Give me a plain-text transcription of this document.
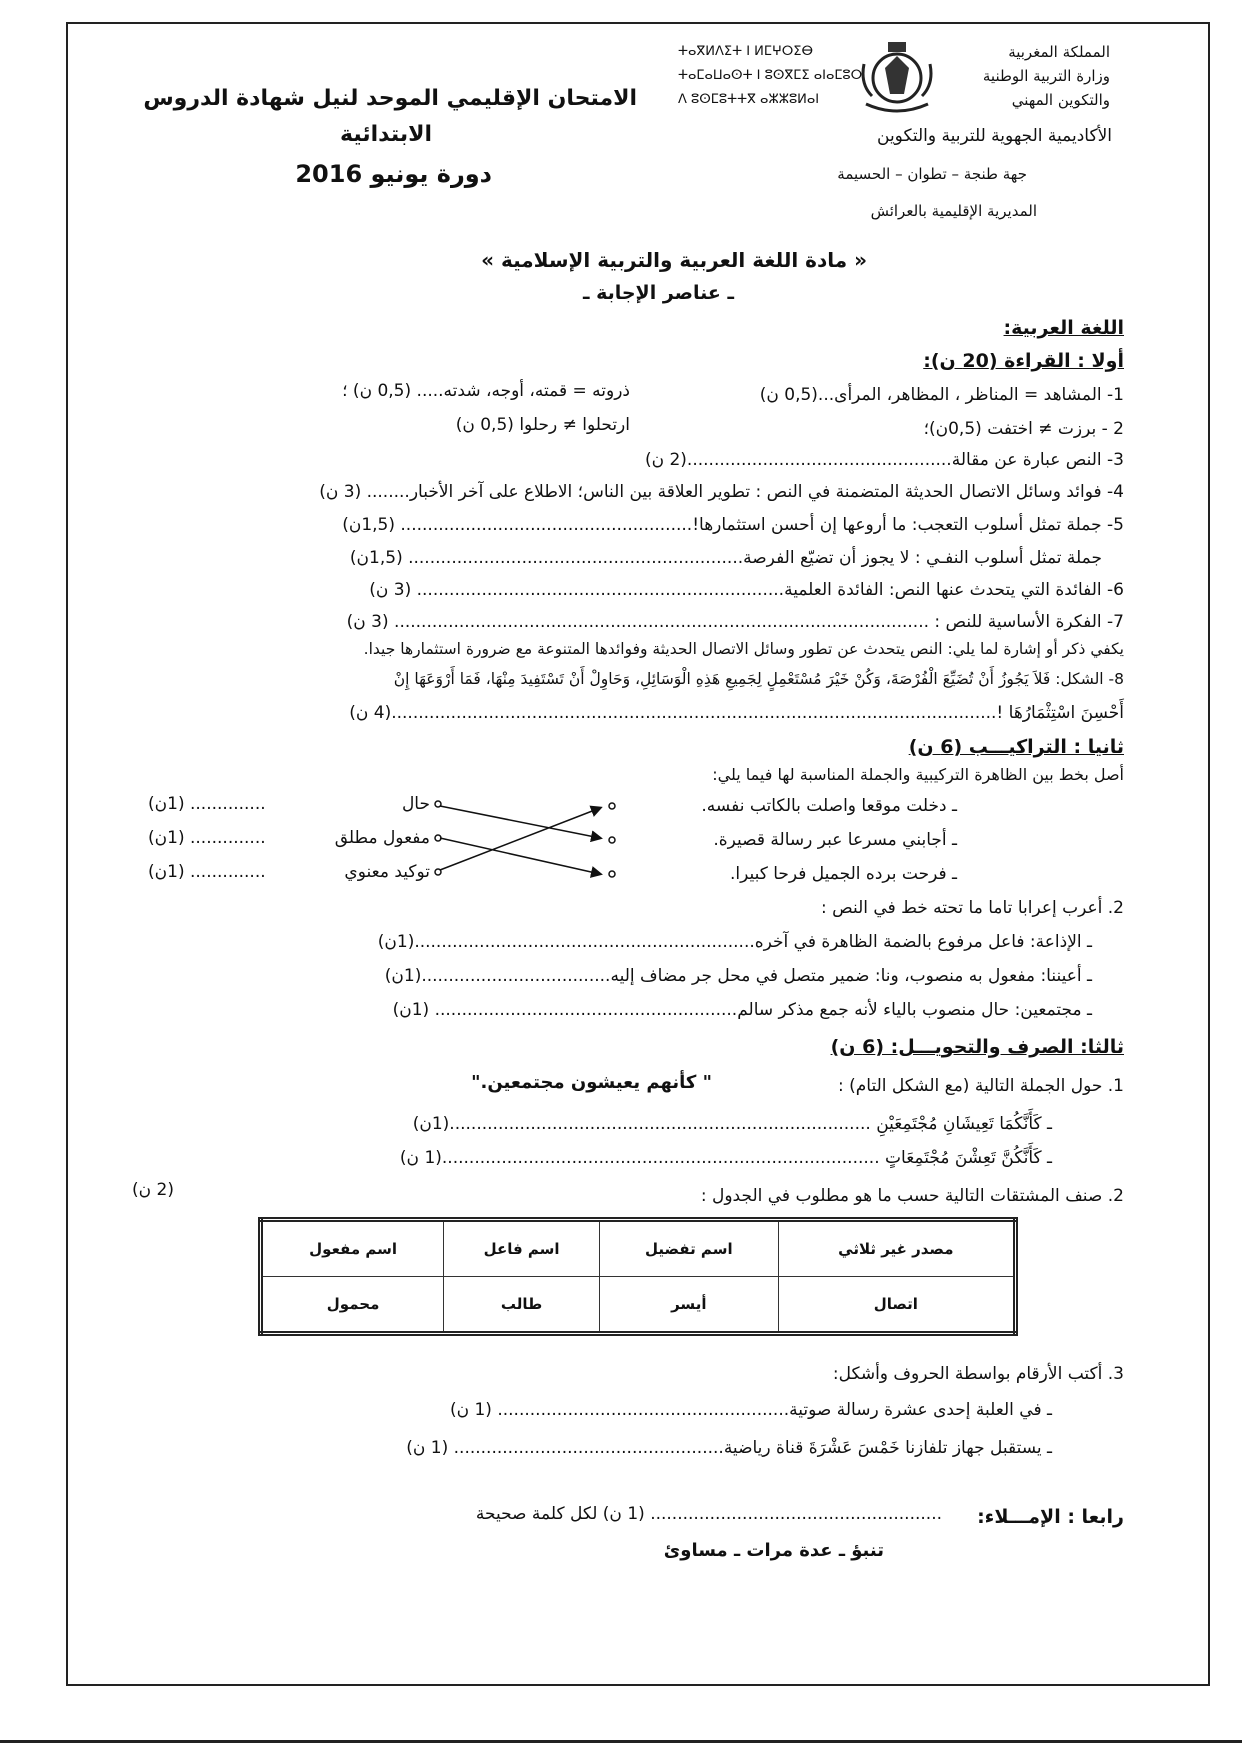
المملكة المغربية
وزارة التربية الوطنية
والتكوين المهني
ⵜⴰⴳⵍⴷⵉⵜ ⵏ ⵍⵎⵖⵔⵉⴱ
ⵜⴰⵎⴰⵡⴰⵙⵜ ⵏ ⵓⵙⴳⵎⵉ ⴰⵏⴰⵎⵓⵔ
ⴷ ⵓⵙⵎⵓⵜⵜⴳ ⴰⵣⵣⵓⵍⴰⵏ
الأكاديمية الجهوية للتربية والتكوين
جهة طنجة – تطوان – الحسيمة
المديرية الإقليمية بالعرائش
الامتحان الإقليمي الموحد لنيل شهادة الدروس
الابتدائية
دورة يونيو 2016
« مادة اللغة العربية والتربية الإسلامية »
ـ عناصر الإجابة ـ
اللغة العربية:
أولا : القراءة (20 ن):
1- المشاهد = المناظر ، المظاهر، المرأى...(0,5 ن)
ذروته = قمته، أوجه، شدته..... (0,5 ن) ؛
2 - برزت ≠ اختفت (0,5ن)؛
ارتحلوا ≠ رحلوا (0,5 ن)
3- النص عبارة عن مقالة.................................................(2 ن)
4- فوائد وسائل الاتصال الحديثة المتضمنة في النص : تطوير العلاقة بين الناس؛ الاطلاع على آخر الأخبار........ (3 ن)
5- جملة تمثل أسلوب التعجب: ما أروعها إن أحسن استثمارها!...................................................... (1,5ن)
جملة تمثل أسلوب النفـي : لا يجوز أن تضيّع الفرصة.............................................................. (1,5ن)
6- الفائدة التي يتحدث عنها النص: الفائدة العلمية.................................................................... (3 ن)
7- الفكرة الأساسية للنص : ................................................................................................... (3 ن)
يكفي ذكر أو إشارة لما يلي: النص يتحدث عن تطور وسائل الاتصال الحديثة وفوائدها المتنوعة مع ضرورة استثمارها جيدا.
8- الشكل: فَلاَ يَجُوزُ أَنْ تُضَيِّعَ الْفُرْصَةَ، وَكُنْ خَيْرَ مُسْتَعْمِلٍ لِجَمِيعِ هَذِهِ الْوَسَائِلِ، وَحَاوِلْ أَنْ تَسْتَفِيدَ مِنْهَا، فَمَا أَرْوَعَهَا إِنْ
أَحْسِنَ اسْتِثْمَارُهَا !................................................................................................................(4 ن)
ثانيا : التراكيـــب (6 ن)
أصل بخط بين الظاهرة التركيبية والجملة المناسبة لها فيما يلي:
ـ دخلت موقعا واصلت بالكاتب نفسه.
ـ أجابني مسرعا عبر رسالة قصيرة.
ـ فرحت برده الجميل فرحا كبيرا.
حال
مفعول مطلق
توكيد معنوي
.............. (1ن)
.............. (1ن)
.............. (1ن)
2. أعرب إعرابا تاما ما تحته خط في النص :
ـ الإذاعة: فاعل مرفوع بالضمة الظاهرة في آخره...............................................................(1ن)
ـ أعيننا: مفعول به منصوب، ونا: ضمير متصل في محل جر مضاف إليه...................................(1ن)
ـ مجتمعين: حال منصوب بالياء لأنه جمع مذكر سالم........................................................ (1ن)
ثالثا: الصرف والتحويـــل: (6 ن)
1. حول الجملة التالية (مع الشكل التام) :
" كأنهم يعيشون مجتمعين."
ـ كَأَنَّكُمَا تَعِيشَانِ مُجْتَمِعَيْنِ ..............................................................................(1ن)
ـ كَأَنَّكُنَّ تَعِشْنَ مُجْتَمِعَاتٍ .................................................................................(1 ن)
2. صنف المشتقات التالية حسب ما هو مطلوب في الجدول :
(2 ن)
مصدر غير ثلاثي	اسم تفضيل	اسم فاعل	اسم مفعول
اتصال	أيسر	طالب	محمول
3. أكتب الأرقام بواسطة الحروف وأشكل:
ـ في العلبة إحدى عشرة رسالة صوتية...................................................... (1 ن)
ـ يستقبل جهاز تلفازنا خَمْسَ عَشْرَةَ قناة رياضية.................................................. (1 ن)
رابعا : الإمـــلاء:
...................................................... (1 ن) لكل كلمة صحيحة
تنبؤ ـ عدة مرات ـ مساوئ
